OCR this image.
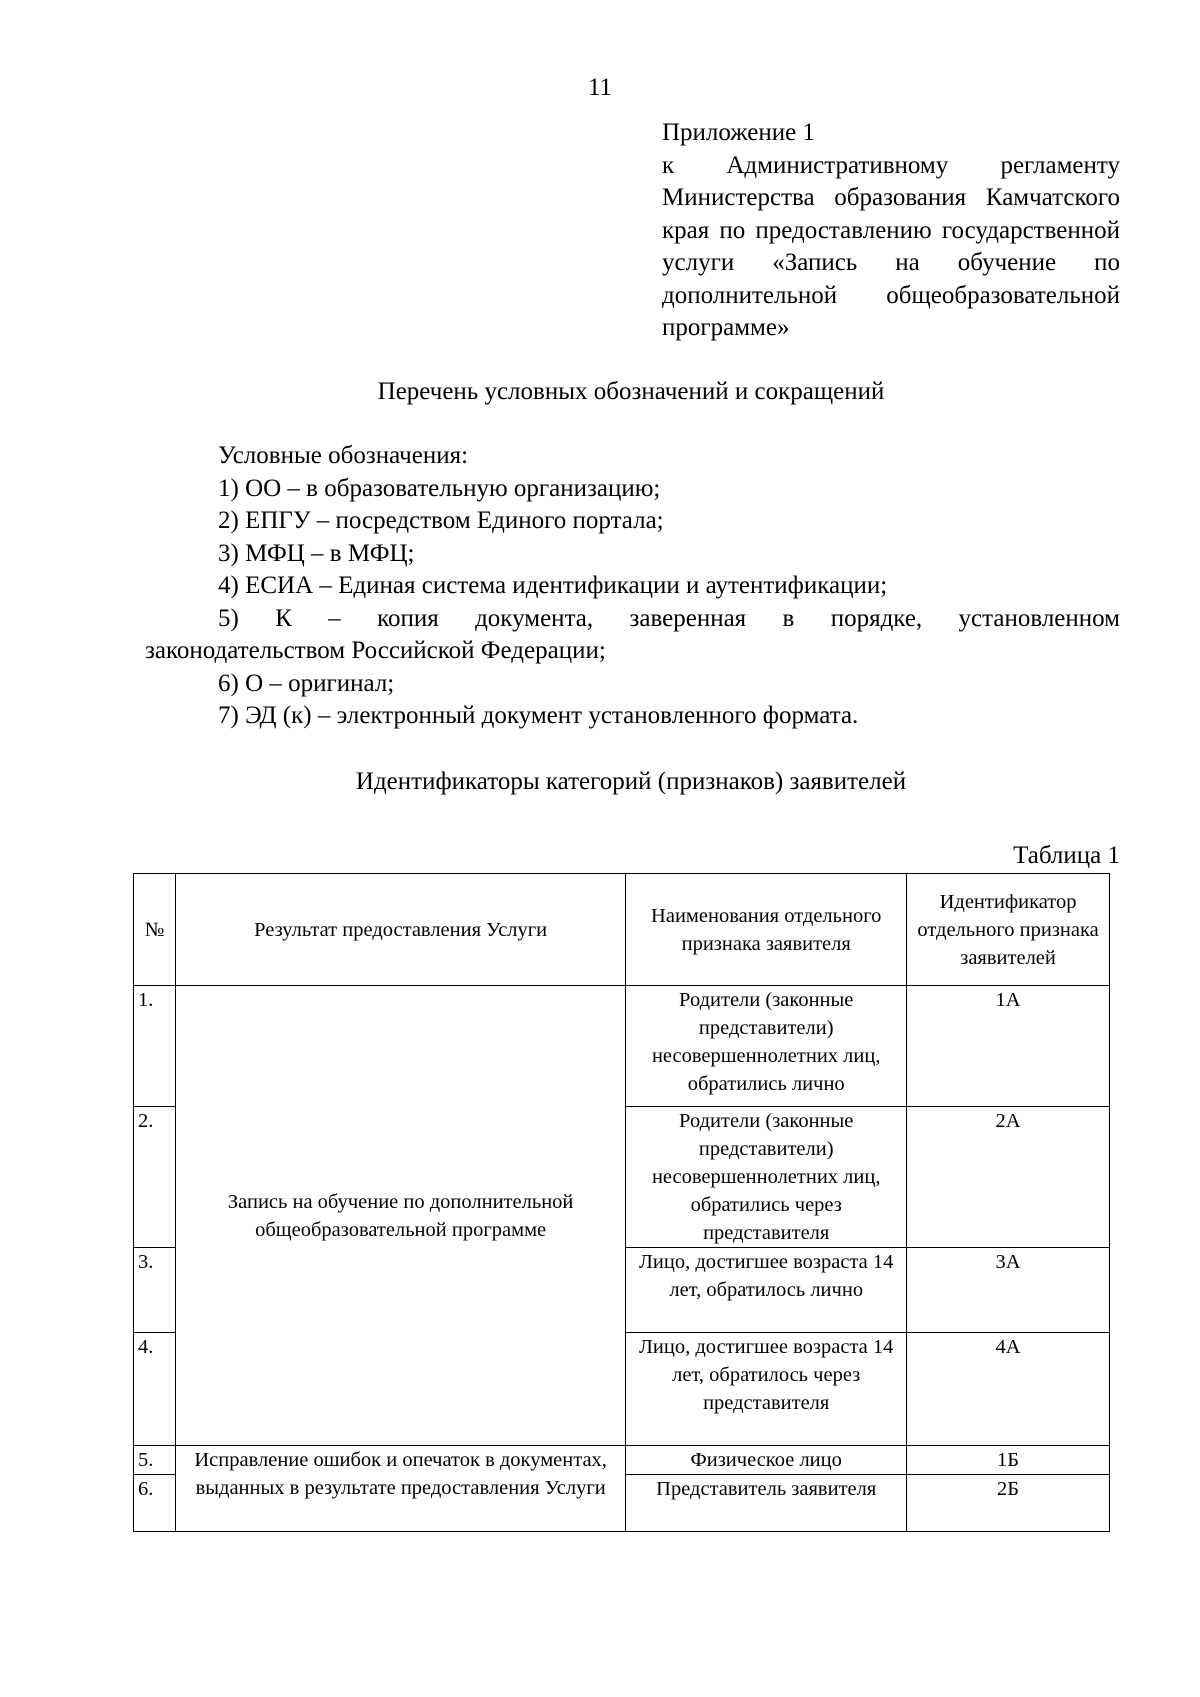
11
Приложение 1
к Административному регламенту Министерства образования Камчатского края по предоставлению государственной услуги «Запись на обучение по дополнительной общеобразовательной программе»
Перечень условных обозначений и сокращений
Условные обозначения:
1) ОО – в образовательную организацию;
2) ЕПГУ – посредством Единого портала;
3) МФЦ – в МФЦ;
4) ЕСИА – Единая система идентификации и аутентификации;
5) К – копия документа, заверенная в порядке, установленном
законодательством Российской Федерации;
6) О – оригинал;
7) ЭД (к) – электронный документ установленного формата.
Идентификаторы категорий (признаков) заявителей
Таблица 1
№	Результат предоставления Услуги	Наименования отдельного признака заявителя	Идентификатор отдельного признака заявителей
1.	Запись на обучение по дополнительной общеобразовательной программе	Родители (законные представители) несовершеннолетних лиц, обратились лично	1А
2.		Родители (законные представители) несовершеннолетних лиц, обратились через представителя	2А
3.		Лицо, достигшее возраста 14 лет, обратилось лично	3А
4.		Лицо, достигшее возраста 14 лет, обратилось через представителя	4А
5.	Исправление ошибок и опечаток в документах, выданных в результате предоставления Услуги	Физическое лицо	1Б
6.		Представитель заявителя	2Б
